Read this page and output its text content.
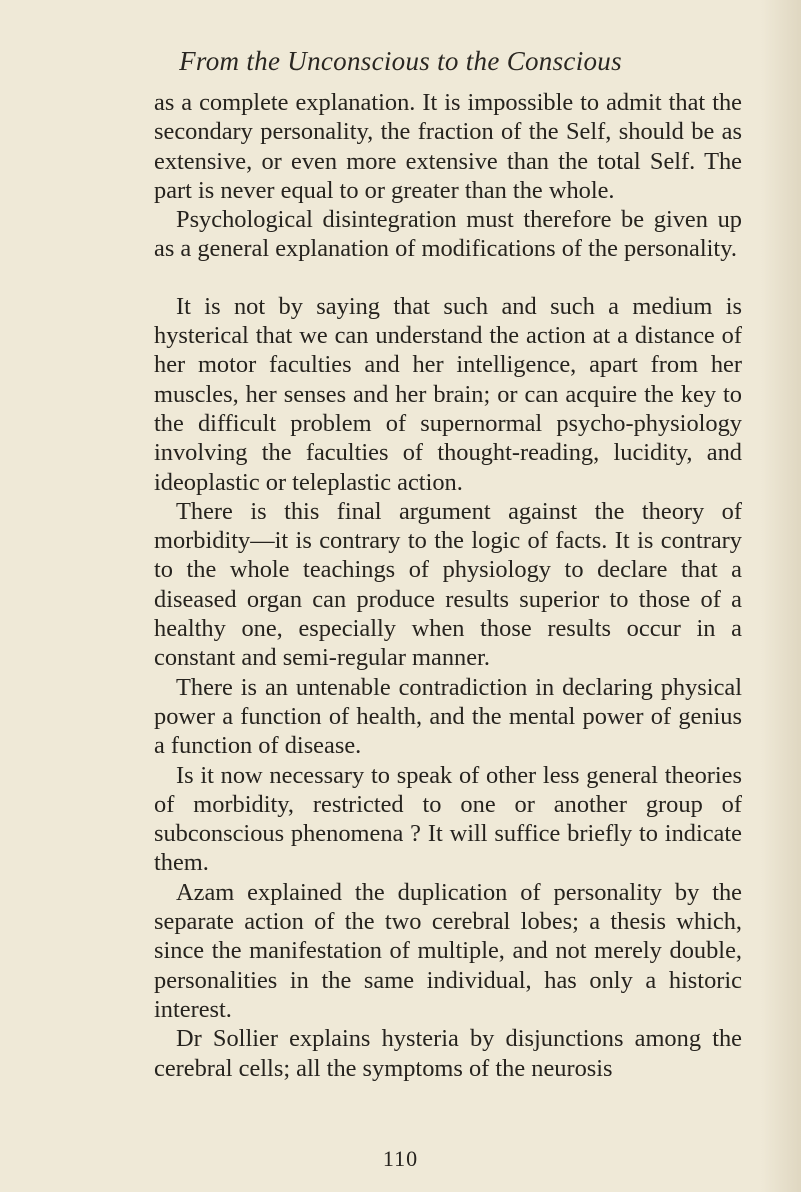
From the Unconscious to the Conscious

as a complete explanation. It is impossible to admit that the secondary personality, the fraction of the Self, should be as extensive, or even more extensive than the total Self. The part is never equal to or greater than the whole.

Psychological disintegration must therefore be given up as a general explanation of modifications of the personality.

It is not by saying that such and such a medium is hysterical that we can understand the action at a distance of her motor faculties and her intelligence, apart from her muscles, her senses and her brain; or can acquire the key to the difficult problem of supernormal psycho-physiology involving the faculties of thought-reading, lucidity, and ideoplastic or teleplastic action.

There is this final argument against the theory of morbidity—it is contrary to the logic of facts. It is contrary to the whole teachings of physiology to declare that a diseased organ can produce results superior to those of a healthy one, especially when those results occur in a constant and semi-regular manner.

There is an untenable contradiction in declaring physical power a function of health, and the mental power of genius a function of disease.

Is it now necessary to speak of other less general theories of morbidity, restricted to one or another group of subconscious phenomena ? It will suffice briefly to indicate them.

Azam explained the duplication of personality by the separate action of the two cerebral lobes; a thesis which, since the manifestation of multiple, and not merely double, personalities in the same individual, has only a historic interest.

Dr Sollier explains hysteria by disjunctions among the cerebral cells; all the symptoms of the neurosis

110
